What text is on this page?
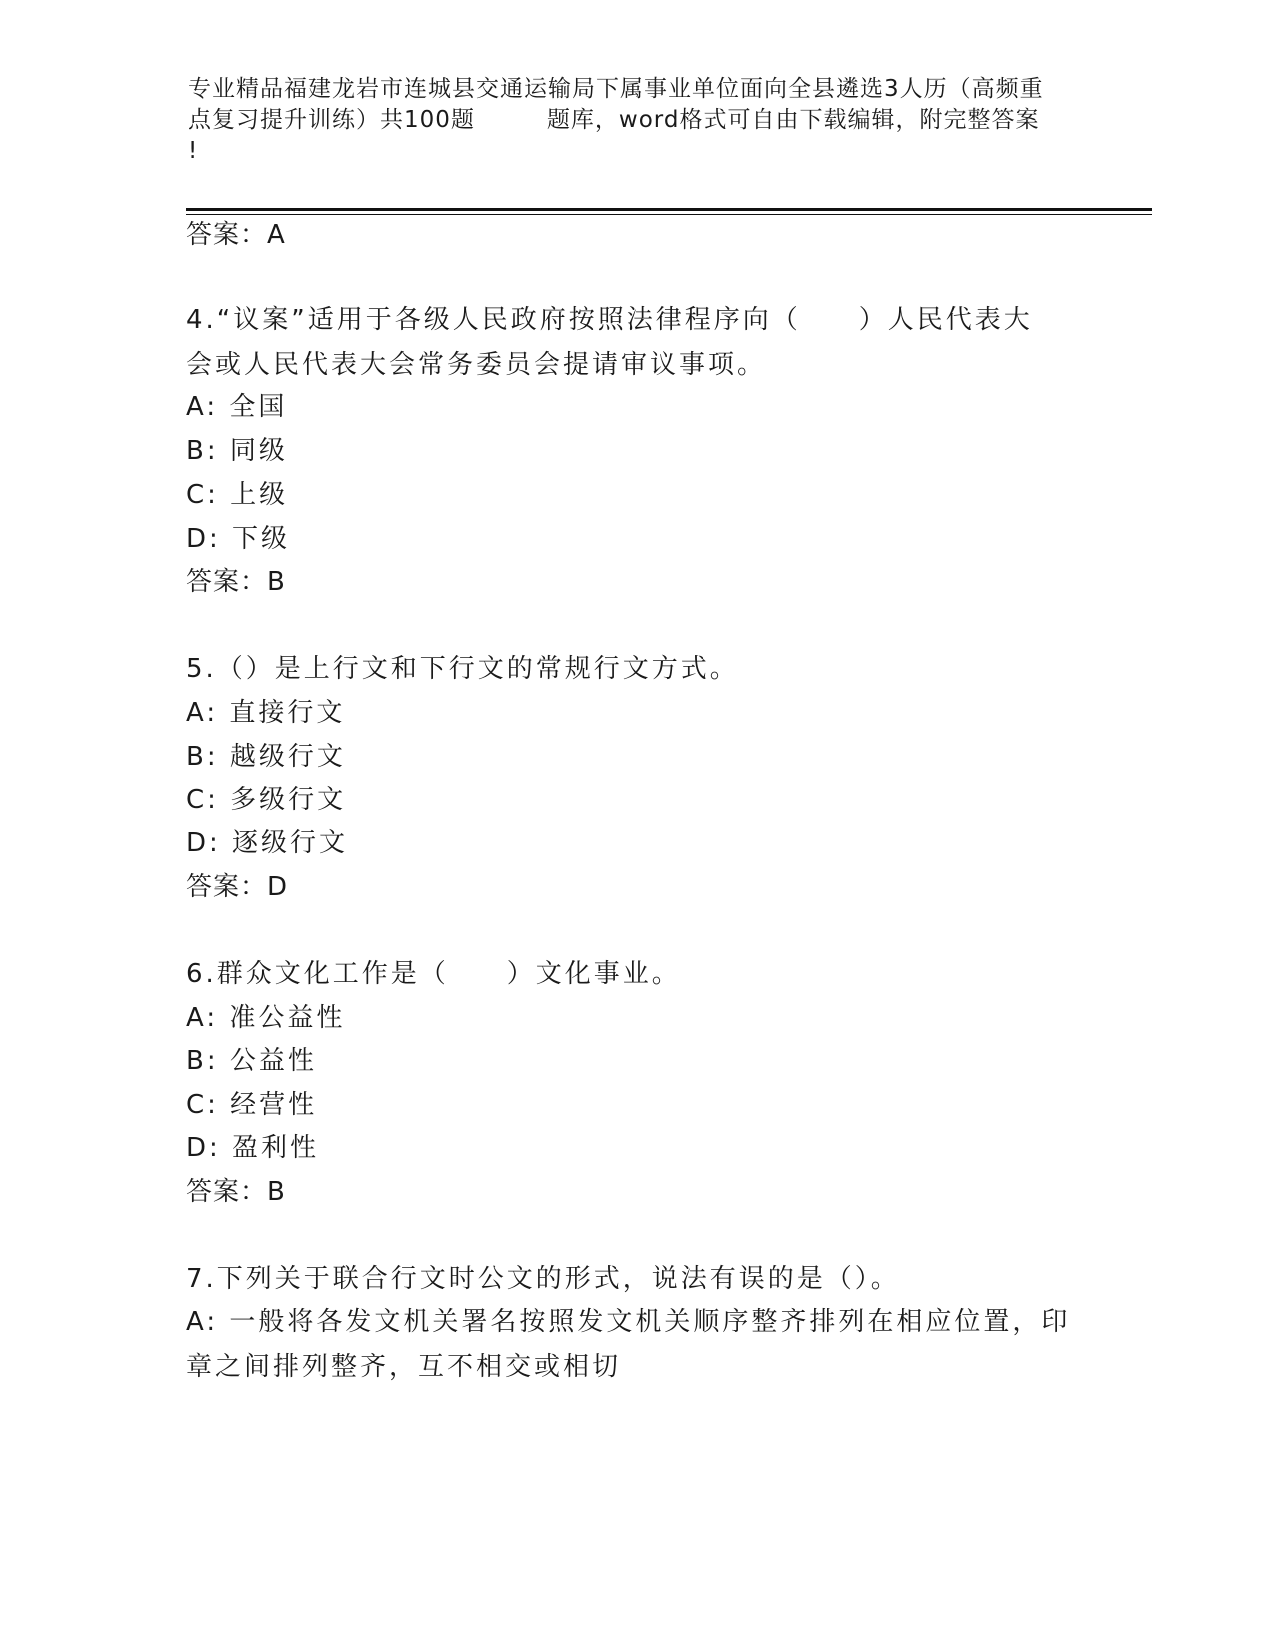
专业精品福建龙岩市连城县交通运输局下属事业单位面向全县遴选3人历（高频重
点复习提升训练）共100题	题库，word格式可自由下载编辑，附完整答案
!
答案：A
4.“议案”适用于各级人民政府按照法律程序向（　　）人民代表大
会或人民代表大会常务委员会提请审议事项。
A: 全国
B: 同级
C: 上级
D: 下级
答案：B
5.（）是上行文和下行文的常规行文方式。
A: 直接行文
B: 越级行文
C: 多级行文
D: 逐级行文
答案：D
6.群众文化工作是（　　）文化事业。
A: 准公益性
B: 公益性
C: 经营性
D: 盈利性
答案：B
7.下列关于联合行文时公文的形式，说法有误的是（）。
A: 一般将各发文机关署名按照发文机关顺序整齐排列在相应位置，印
章之间排列整齐，互不相交或相切
